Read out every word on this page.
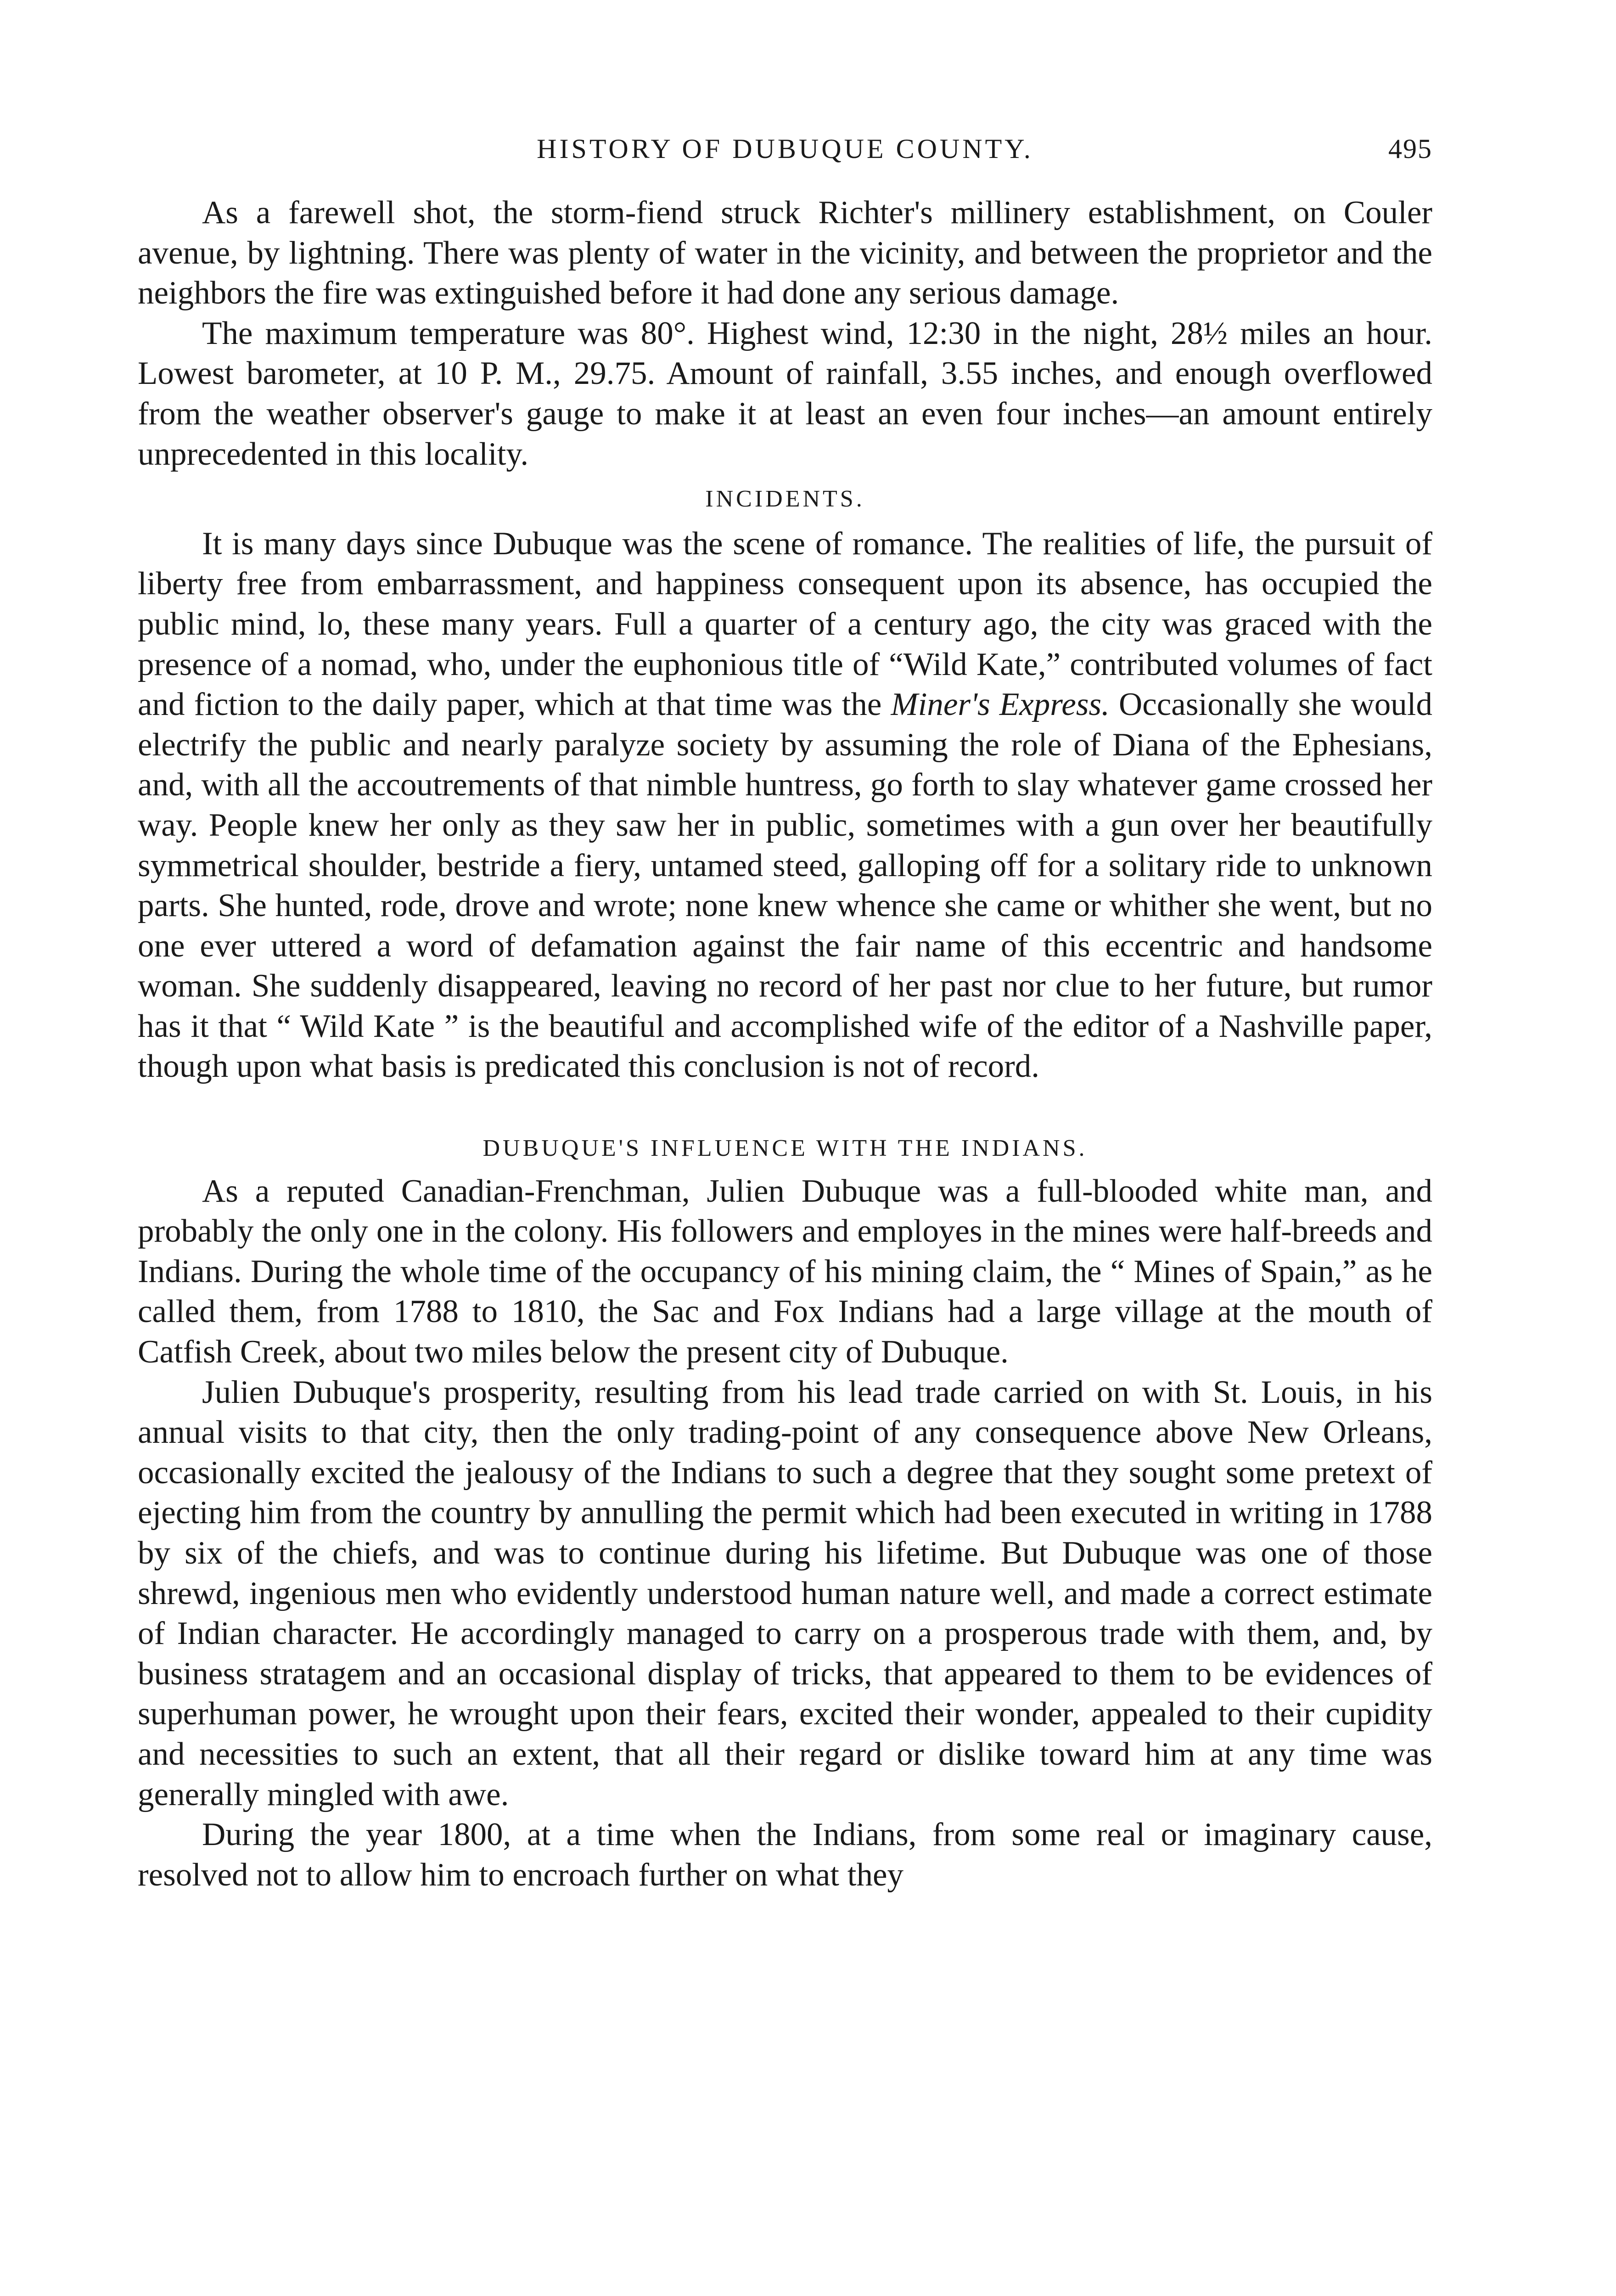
HISTORY OF DUBUQUE COUNTY.	495

As a farewell shot, the storm-fiend struck Richter's millinery establishment, on Couler avenue, by lightning. There was plenty of water in the vicinity, and between the proprietor and the neighbors the fire was extinguished before it had done any serious damage.

The maximum temperature was 80°. Highest wind, 12:30 in the night, 28½ miles an hour. Lowest barometer, at 10 P. M., 29.75. Amount of rainfall, 3.55 inches, and enough overflowed from the weather observer's gauge to make it at least an even four inches—an amount entirely unprecedented in this locality.

INCIDENTS.

It is many days since Dubuque was the scene of romance. The realities of life, the pursuit of liberty free from embarrassment, and happiness consequent upon its absence, has occupied the public mind, lo, these many years. Full a quarter of a century ago, the city was graced with the presence of a nomad, who, under the euphonious title of “Wild Kate,” contributed volumes of fact and fiction to the daily paper, which at that time was the Miner's Express. Occasionally she would electrify the public and nearly paralyze society by assuming the role of Diana of the Ephesians, and, with all the accoutrements of that nimble huntress, go forth to slay whatever game crossed her way. People knew her only as they saw her in public, sometimes with a gun over her beautifully symmetrical shoulder, bestride a fiery, untamed steed, galloping off for a solitary ride to unknown parts. She hunted, rode, drove and wrote; none knew whence she came or whither she went, but no one ever uttered a word of defamation against the fair name of this eccentric and handsome woman. She suddenly disappeared, leaving no record of her past nor clue to her future, but rumor has it that “ Wild Kate ” is the beautiful and accomplished wife of the editor of a Nashville paper, though upon what basis is predicated this conclusion is not of record.

DUBUQUE'S INFLUENCE WITH THE INDIANS.

As a reputed Canadian-Frenchman, Julien Dubuque was a full-blooded white man, and probably the only one in the colony. His followers and employes in the mines were half-breeds and Indians. During the whole time of the occupancy of his mining claim, the “ Mines of Spain,” as he called them, from 1788 to 1810, the Sac and Fox Indians had a large village at the mouth of Catfish Creek, about two miles below the present city of Dubuque.

Julien Dubuque's prosperity, resulting from his lead trade carried on with St. Louis, in his annual visits to that city, then the only trading-point of any consequence above New Orleans, occasionally excited the jealousy of the Indians to such a degree that they sought some pretext of ejecting him from the country by annulling the permit which had been executed in writing in 1788 by six of the chiefs, and was to continue during his lifetime. But Dubuque was one of those shrewd, ingenious men who evidently understood human nature well, and made a correct estimate of Indian character. He accordingly managed to carry on a prosperous trade with them, and, by business stratagem and an occasional display of tricks, that appeared to them to be evidences of superhuman power, he wrought upon their fears, excited their wonder, appealed to their cupidity and necessities to such an extent, that all their regard or dislike toward him at any time was generally mingled with awe.

During the year 1800, at a time when the Indians, from some real or imaginary cause, resolved not to allow him to encroach further on what they
